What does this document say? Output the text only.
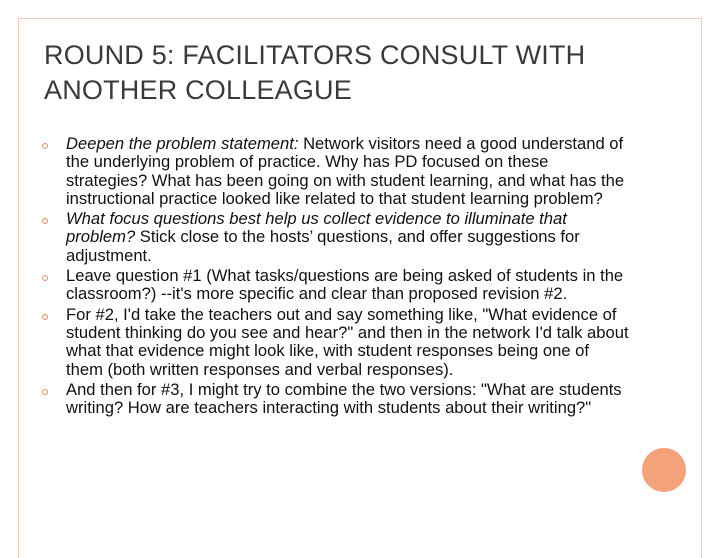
ROUND 5: FACILITATORS CONSULT WITH ANOTHER COLLEAGUE
Deepen the problem statement: Network visitors need a good understand of the underlying problem of practice. Why has PD focused on these strategies? What has been going on with student learning, and what has the instructional practice looked like related to that student learning problem?
What focus questions best help us collect evidence to illuminate that problem? Stick close to the hosts’ questions, and offer suggestions for adjustment.
Leave question #1 (What tasks/questions are being asked of students in the classroom?) --it's more specific and clear than proposed revision #2.
For #2, I'd take the teachers out and say something like, "What evidence of student thinking do you see and hear?" and then in the network I'd talk about what that evidence might look like, with student responses being one of them (both written responses and verbal responses).
And then for #3, I might try to combine the two versions: "What are students writing? How are teachers interacting with students about their writing?"
